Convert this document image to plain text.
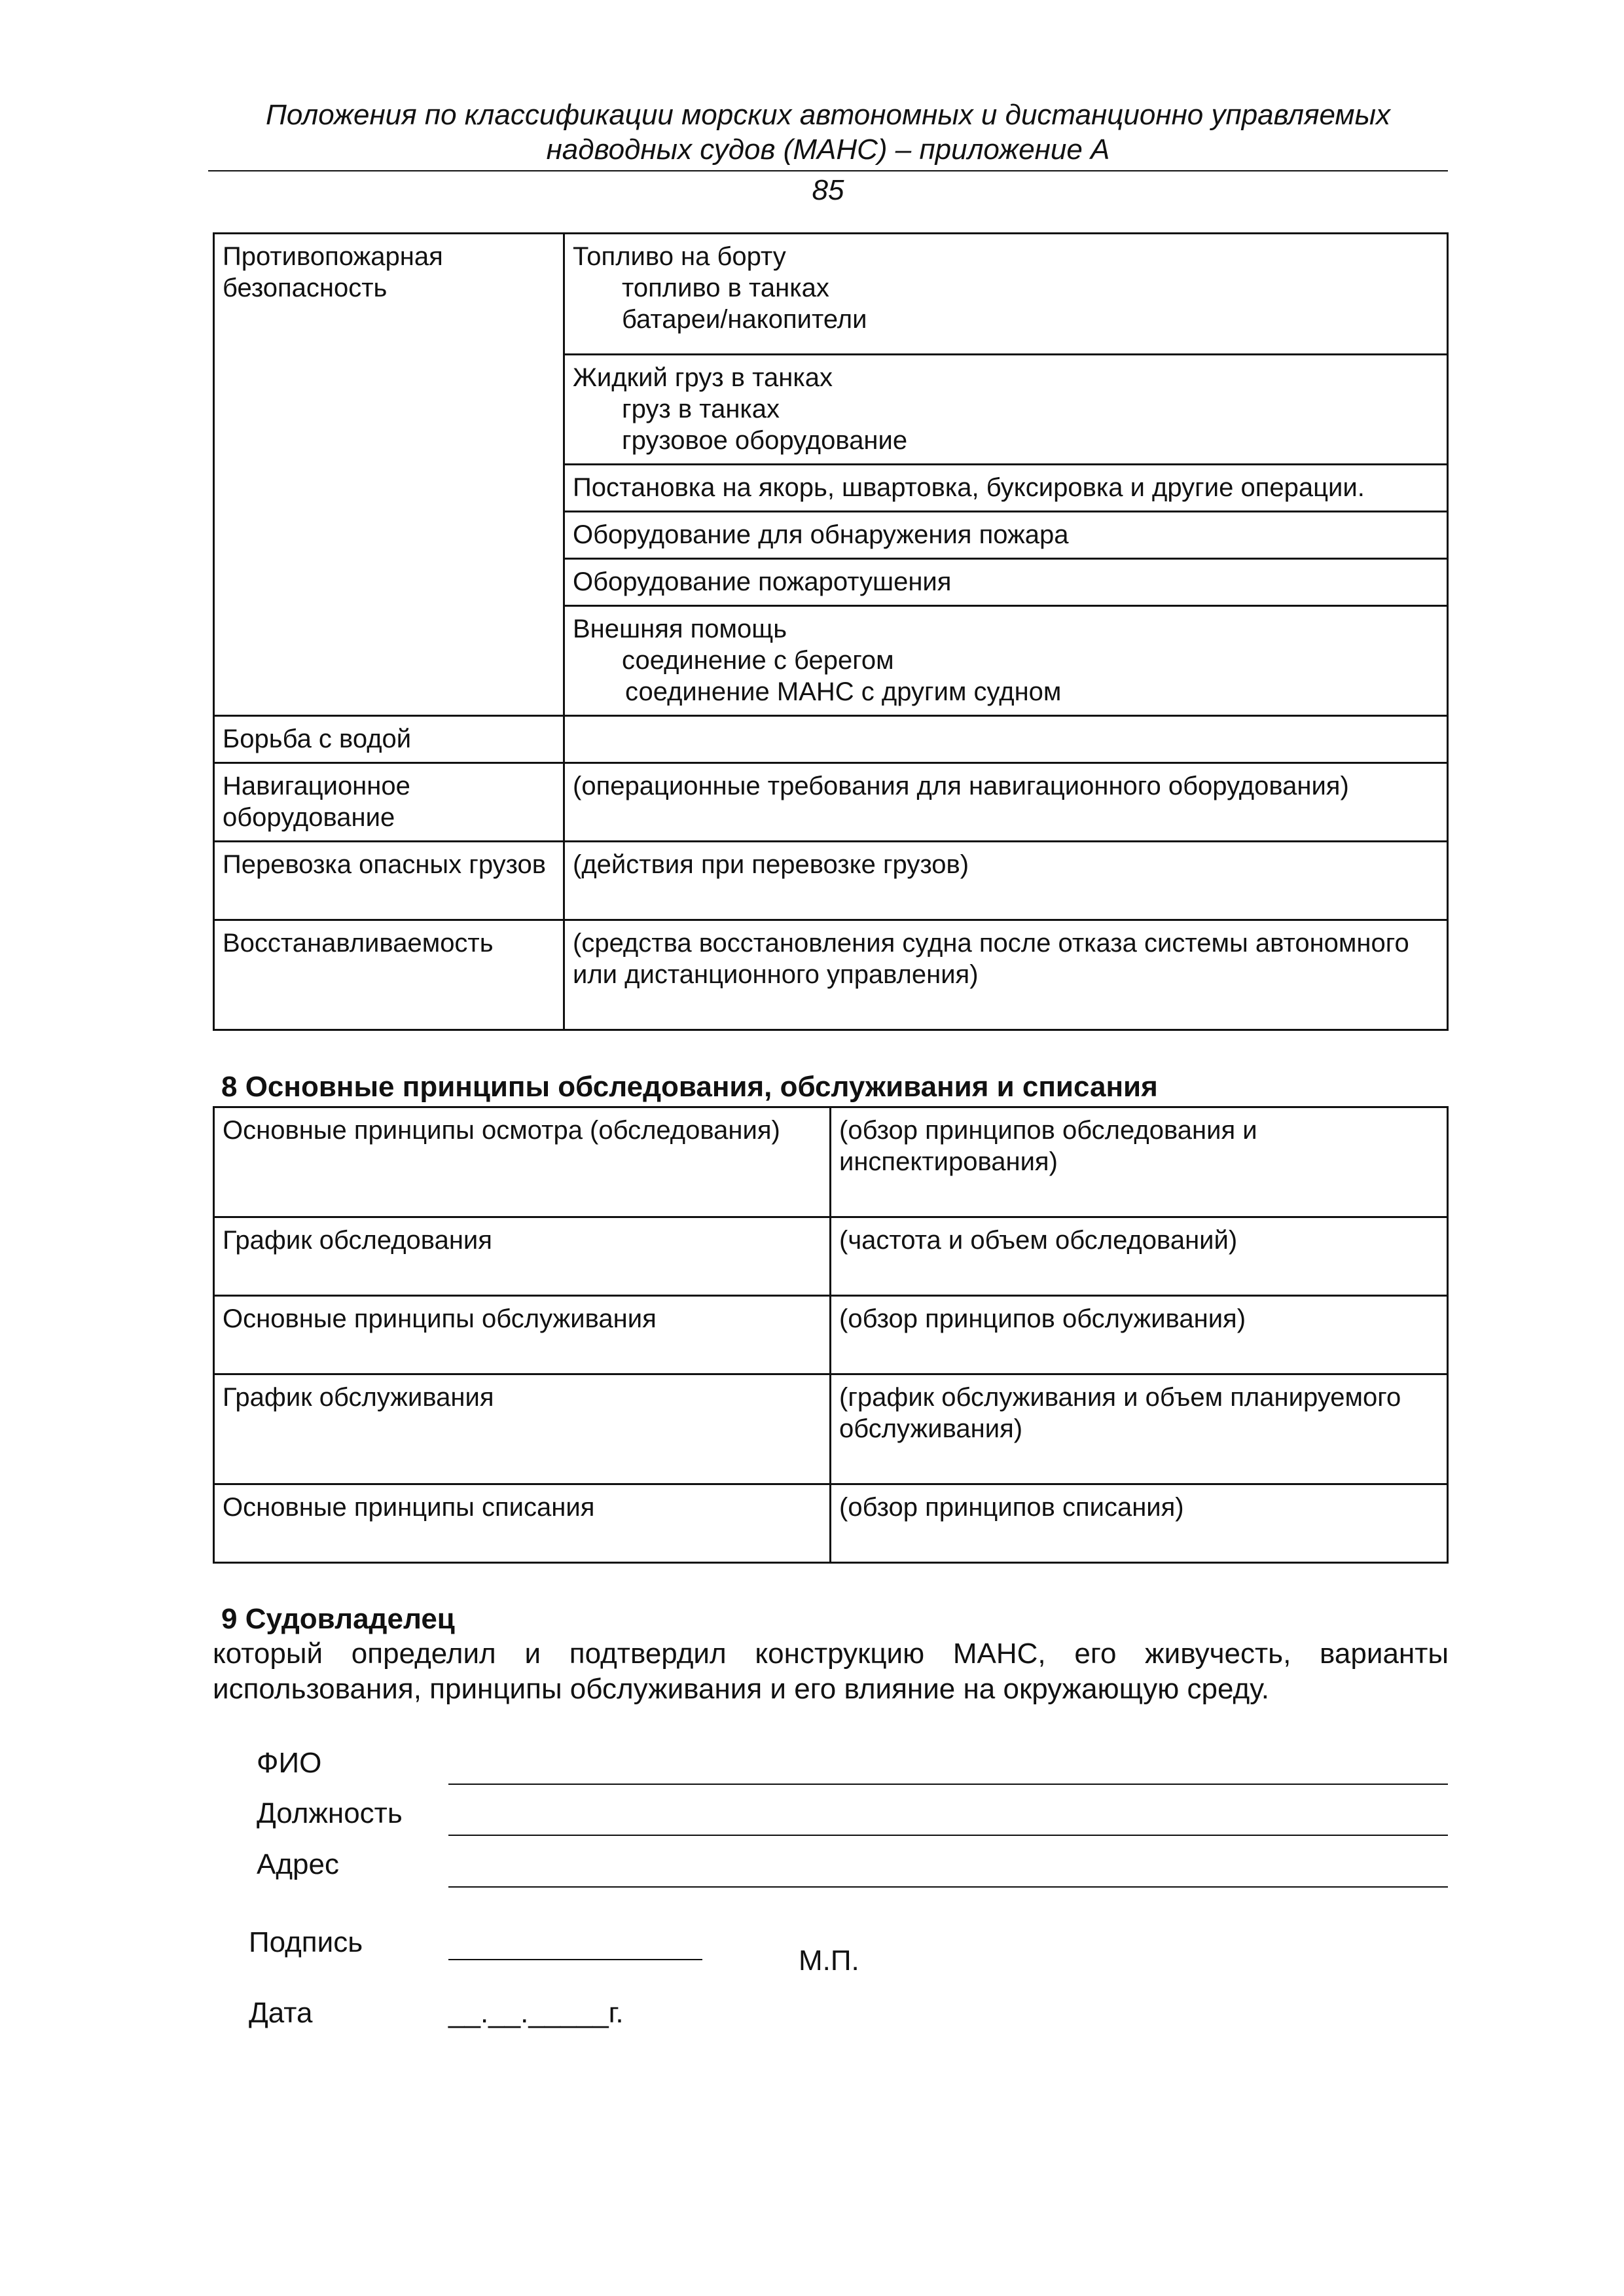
Положения по классификации морских автономных и дистанционно управляемых
надводных судов (МАНС) – приложение А
85
Противопожарная безопасность	Топливо на борту
топливо в танках
батареи/накопители

	Жидкий груз в танках
груз в танках
грузовое оборудование

	Постановка на якорь, швартовка, буксировка и другие операции.
	Оборудование для обнаружения пожара
	Оборудование пожаротушения

	Внешняя помощь
соединение с берегом
соединение МАНС с другим судном

Борьба с водой	
Навигационное оборудование	(операционные требования для навигационного оборудования)
Перевозка опасных грузов	(действия при перевозке грузов)
Восстанавливаемость	(средства восстановления судна после отказа системы автономного или дистанционного управления)
8 Основные принципы обследования, обслуживания и списания
Основные принципы осмотра (обследования)	(обзор принципов обследования и инспектирования)
График обследования	(частота и объем обследований)
Основные принципы обслуживания	(обзор принципов обслуживания)
График обслуживания	(график обслуживания и объем планируемого обслуживания)
Основные принципы списания	(обзор принципов списания)
9 Судовладелец
который определил и подтвердил конструкцию МАНС, его живучесть, варианты использования, принципы обслуживания и его влияние на окружающую среду.
ФИО
Должность
Адрес
Подпись
М.П.
Дата	__.__._____г.
